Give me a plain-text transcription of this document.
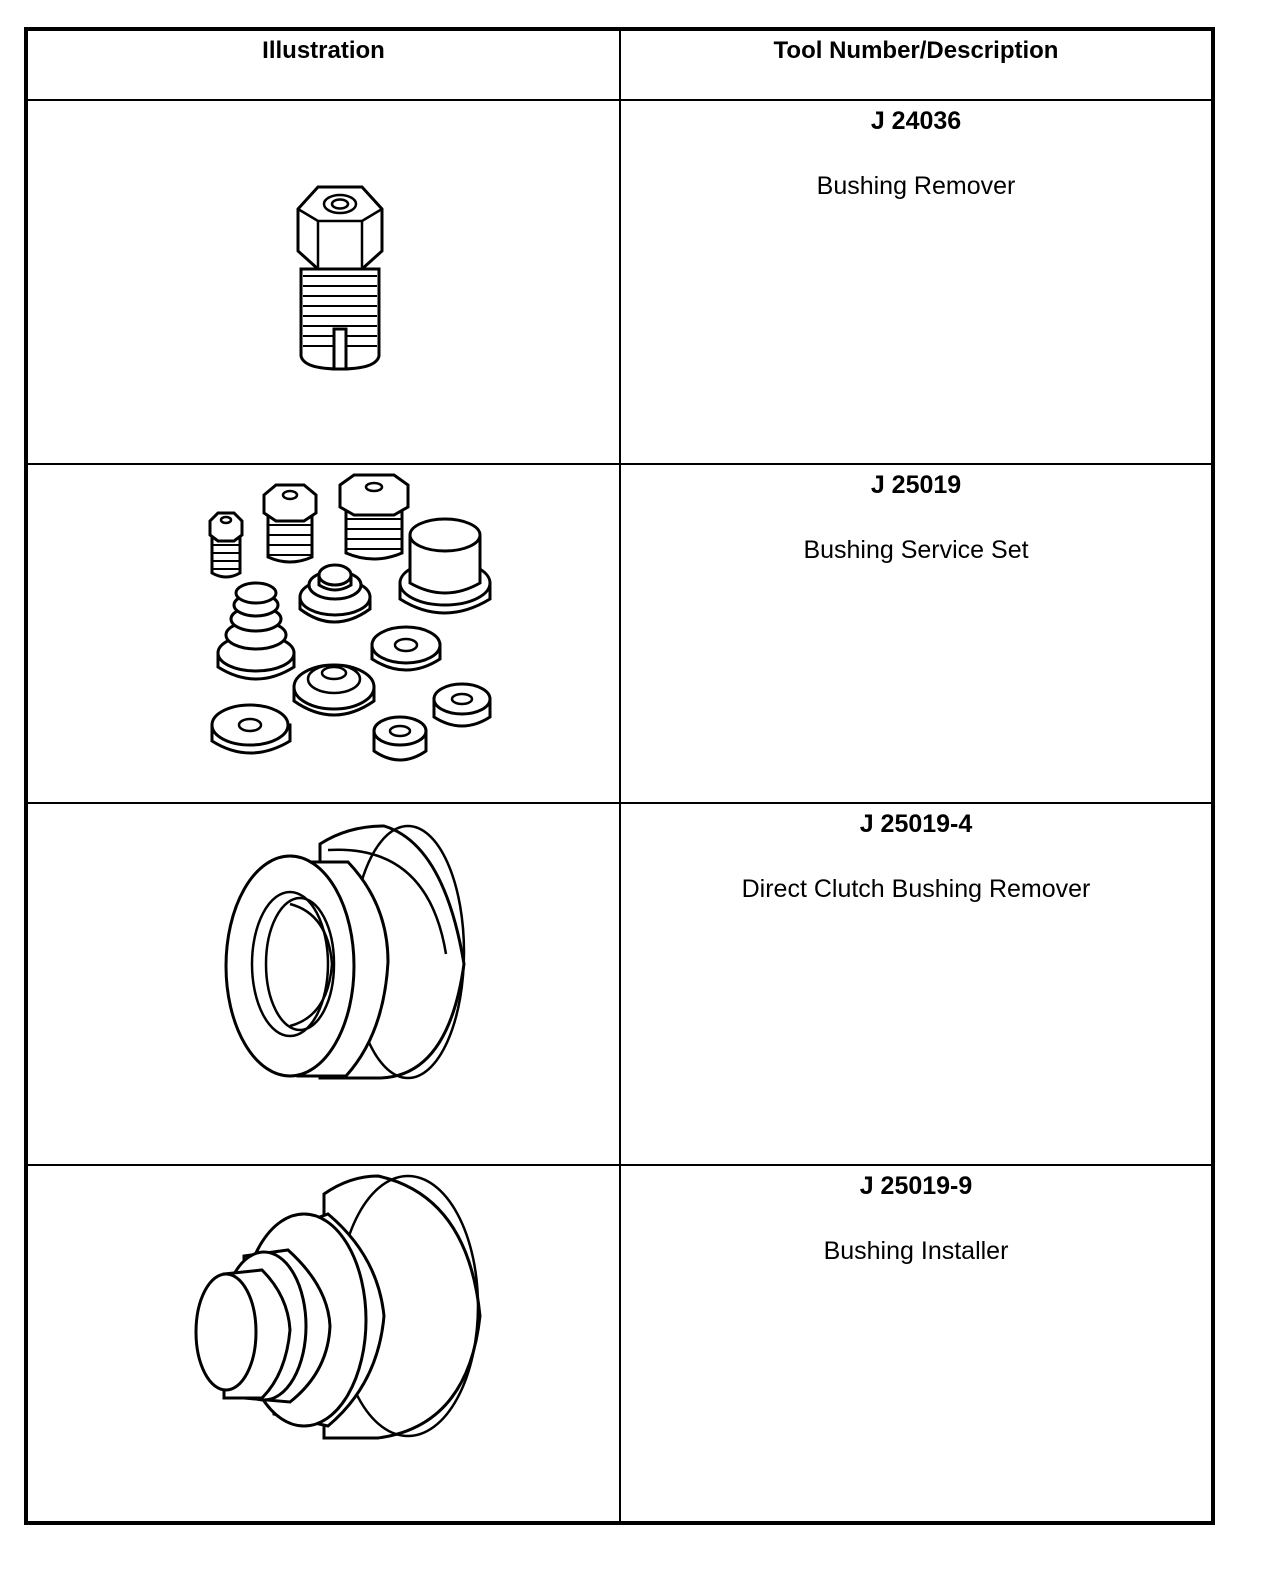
Illustration	Tool Number/Description

J 24036
Bushing Remover

J 25019
Bushing Service Set

J 25019-4
Direct Clutch Bushing Remover

J 25019-9
Bushing Installer
